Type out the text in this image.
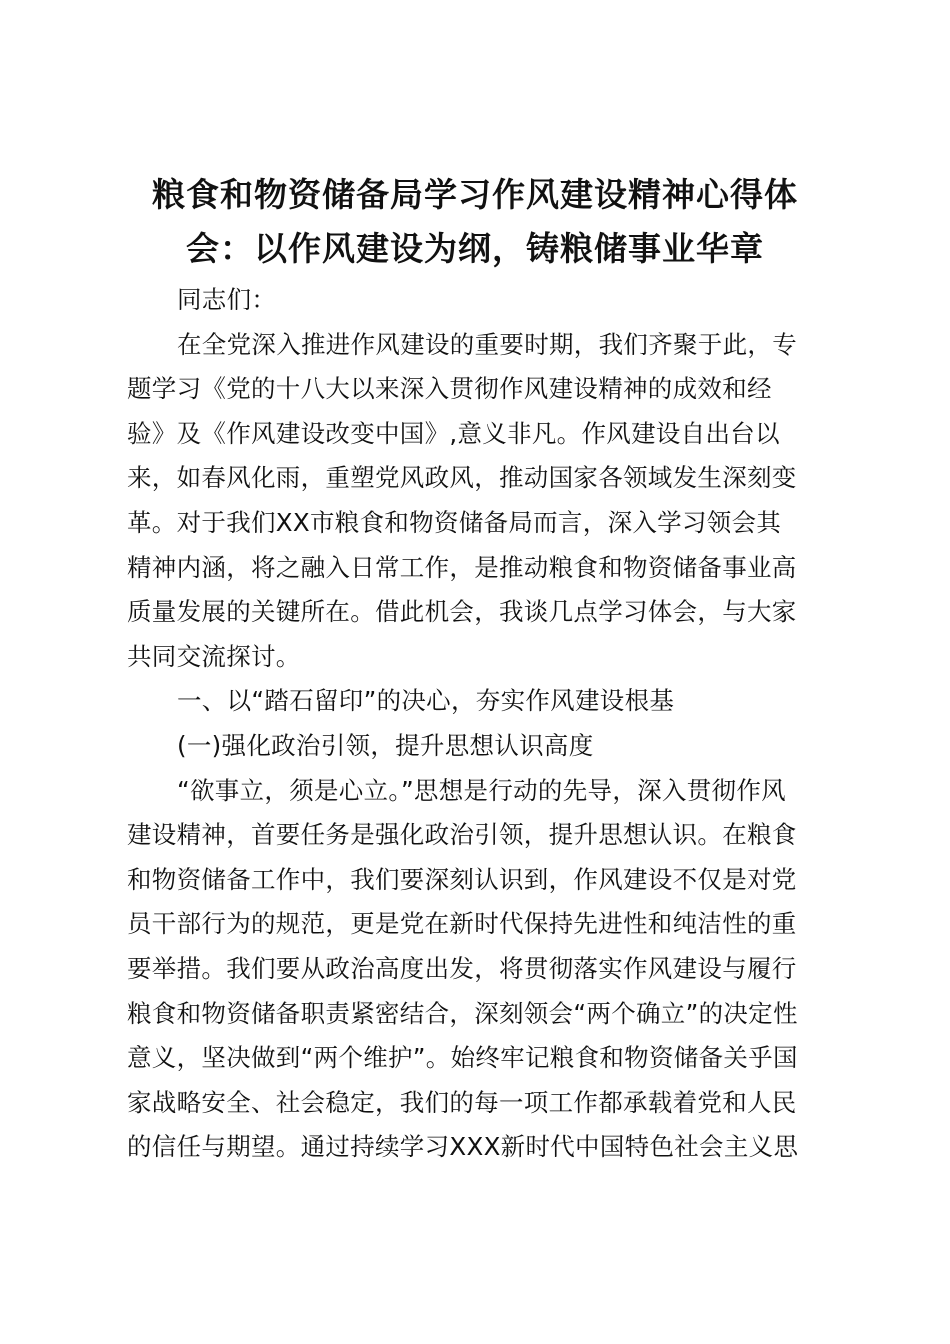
粮食和物资储备局学习作风建设精神心得体
会：以作风建设为纲，铸粮储事业华章
同志们：
在全党深入推进作风建设的重要时期，我们齐聚于此，专
题学习《党的十八大以来深入贯彻作风建设精神的成效和经
验》及《作风建设改变中国》,意义非凡。作风建设自出台以
来，如春风化雨，重塑党风政风，推动国家各领域发生深刻变
革。对于我们XX市粮食和物资储备局而言，深入学习领会其
精神内涵，将之融入日常工作，是推动粮食和物资储备事业高
质量发展的关键所在。借此机会，我谈几点学习体会，与大家
共同交流探讨。
一、以“踏石留印”的决心，夯实作风建设根基
(一)强化政治引领，提升思想认识高度
“欲事立，须是心立。”思想是行动的先导，深入贯彻作风
建设精神，首要任务是强化政治引领，提升思想认识。在粮食
和物资储备工作中，我们要深刻认识到，作风建设不仅是对党
员干部行为的规范，更是党在新时代保持先进性和纯洁性的重
要举措。我们要从政治高度出发，将贯彻落实作风建设与履行
粮食和物资储备职责紧密结合，深刻领会“两个确立”的决定性
意义，坚决做到“两个维护”。始终牢记粮食和物资储备关乎国
家战略安全、社会稳定，我们的每一项工作都承载着党和人民
的信任与期望。通过持续学习XXX新时代中国特色社会主义思
